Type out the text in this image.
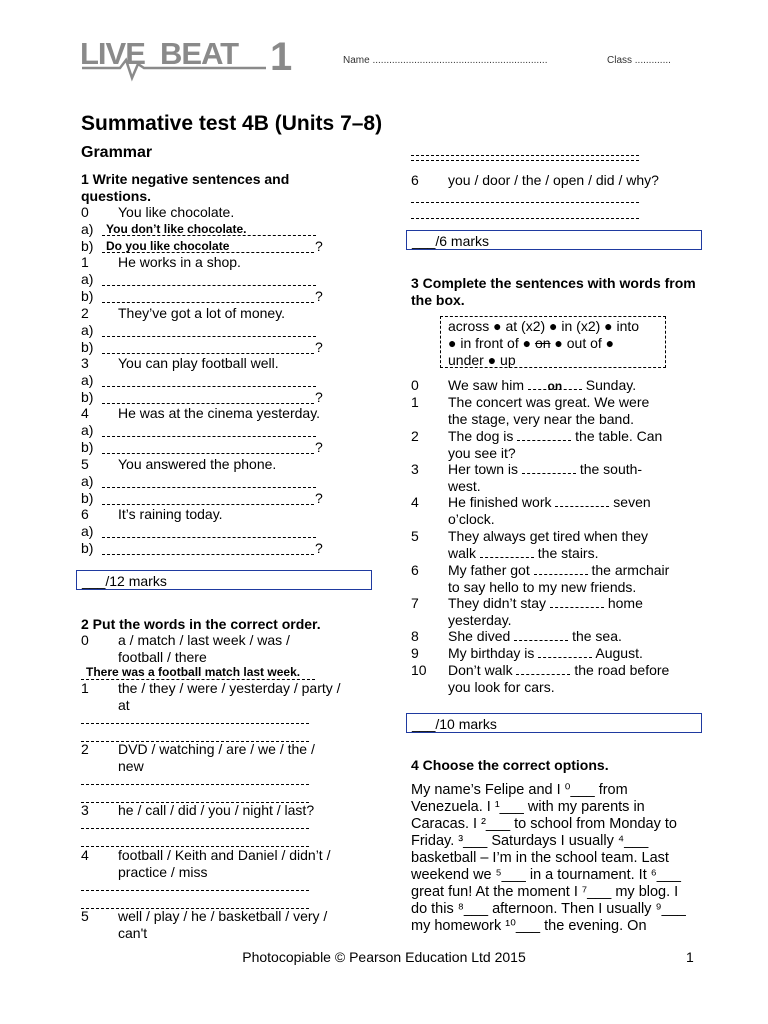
LIVE BEAT 1	Name ...............................................................	Class .............
Summative test 4B (Units 7–8)
Grammar
1 Write negative sentences and questions.
0 You like chocolate.
a) You don’t like chocolate.
b) Do you like chocolate	?
1 He works in a shop.
a)
b)	?
2 They’ve got a lot of money.
a)
b)	?
3 You can play football well.
a)
b)	?
4 He was at the cinema yesterday.
a)
b)	?
5 You answered the phone.
a)
b)	?
6 It’s raining today.
a)
b)	?
___/12 marks
2 Put the words in the correct order.
0 a / match / last week / was /
football / there
There was a football match last week.
1 the / they / were / yesterday / party /
at
2 DVD / watching / are / we / the /
new
3 he / call / did / you / night / last?
4 football / Keith and Daniel / didn’t /
practice / miss
5 well / play / he / basketball / very /
can't
6 you / door / the / open / did / why?
___/6 marks
3 Complete the sentences with words from the box.
across ● at (x2) ● in (x2) ● into
● in front of ● on ● out of ●
under ● up
0 We saw him on Sunday.
1 The concert was great. We were
the stage, very near the band.
2 The dog is	the table. Can
you see it?
3 Her town is	the south-
west.
4 He finished work	seven
o’clock.
5 They always get tired when they
walk	the stairs.
6 My father got	the armchair
to say hello to my new friends.
7 They didn’t stay	home
yesterday.
8 She dived	the sea.
9 My birthday is	August.
10 Don’t walk	the road before
you look for cars.
___/10 marks
4 Choose the correct options.
My name’s Felipe and I ⁰___ from
Venezuela. I ¹___ with my parents in
Caracas. I ²___ to school from Monday to
Friday. ³___ Saturdays I usually ⁴___
basketball – I’m in the school team. Last
weekend we ⁵___ in a tournament. It ⁶___
great fun! At the moment I ⁷___ my blog. I
do this ⁸___ afternoon. Then I usually ⁹___
my homework ¹⁰___ the evening. On
Photocopiable © Pearson Education Ltd 2015	1
